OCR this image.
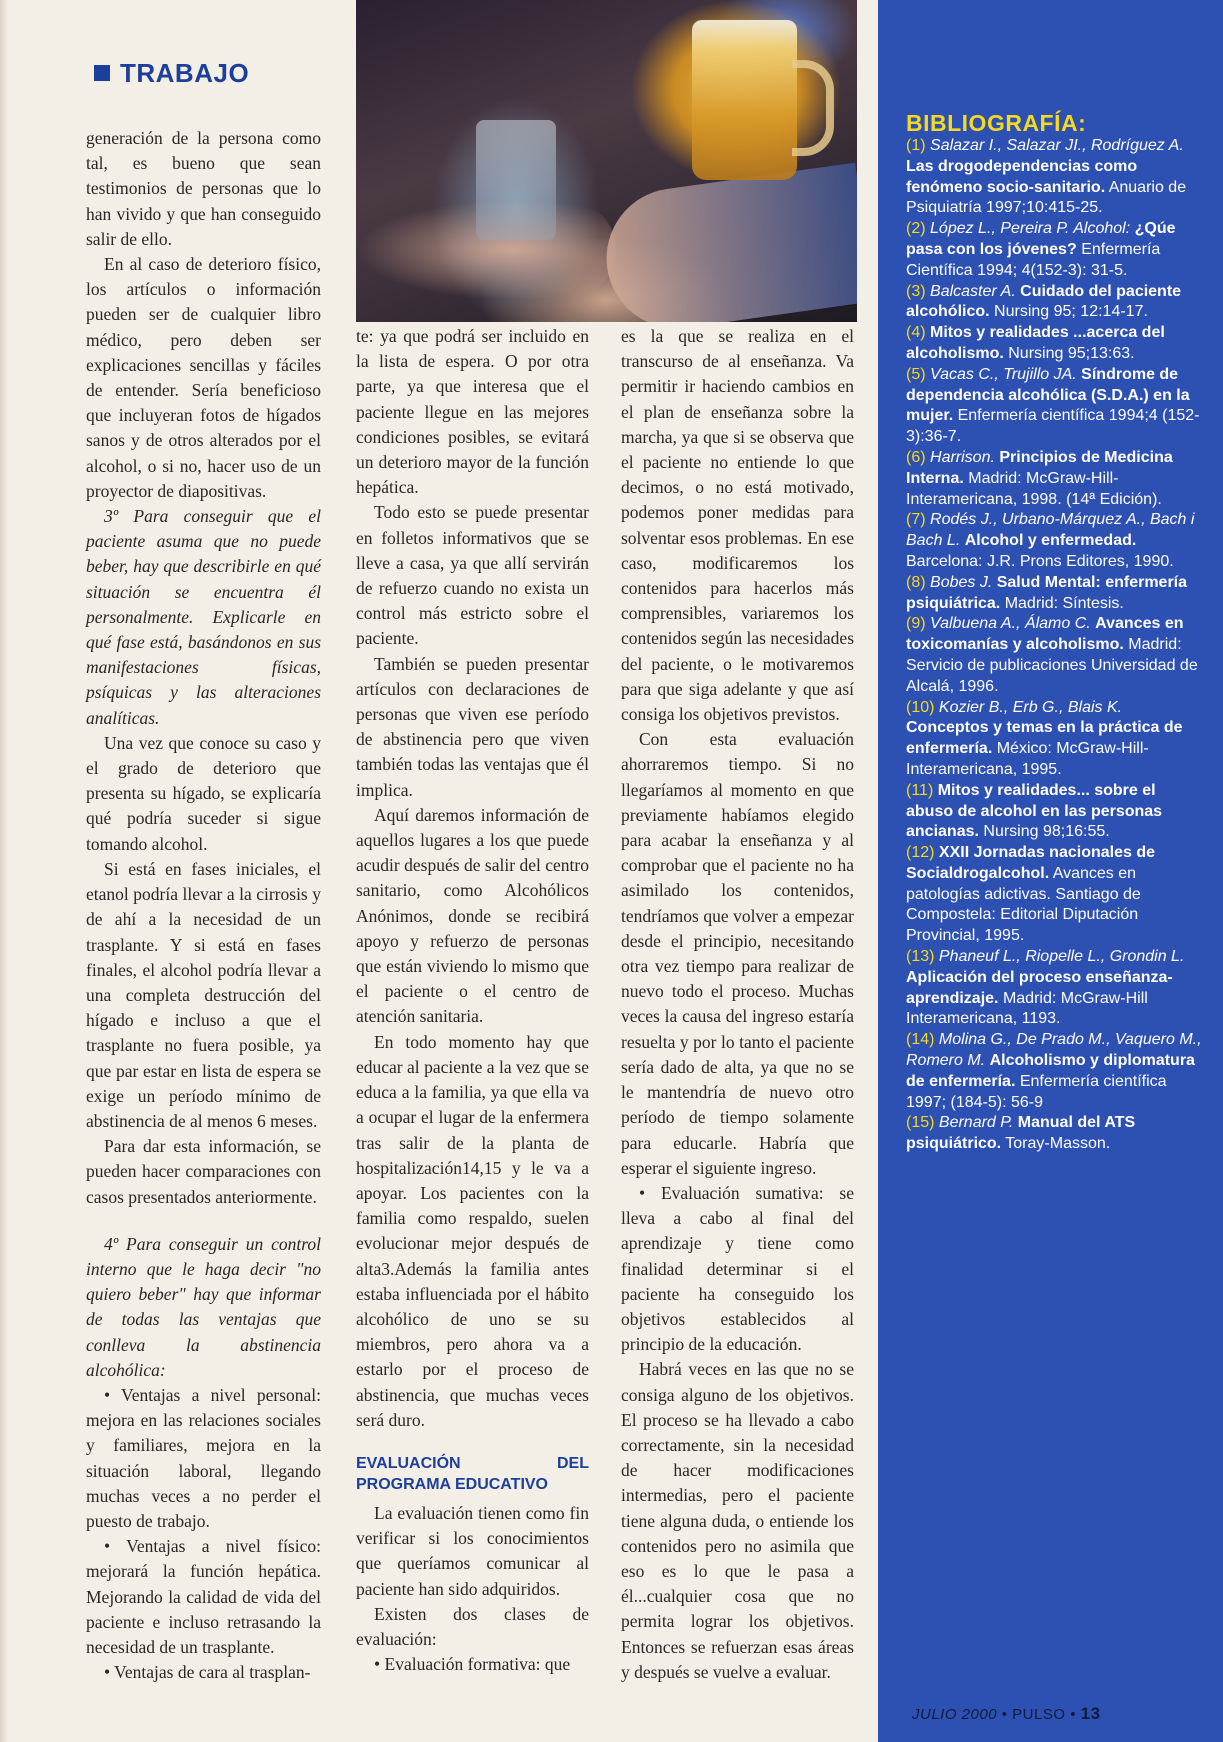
TRABAJO

generación de la persona como tal, es bueno que sean testimonios de personas que lo han vivido y que han conseguido salir de ello.

En al caso de deterioro físico, los artículos o información pueden ser de cualquier libro médico, pero deben ser explicaciones sencillas y fáciles de entender. Sería beneficioso que incluyeran fotos de hígados sanos y de otros alterados por el alcohol, o si no, hacer uso de un proyector de diapositivas.

3º Para conseguir que el paciente asuma que no puede beber, hay que describirle en qué situación se encuentra él personalmente. Explicarle en qué fase está, basándonos en sus manifestaciones físicas, psíquicas y las alteraciones analíticas.

Una vez que conoce su caso y el grado de deterioro que presenta su hígado, se explicaría qué podría suceder si sigue tomando alcohol.

Si está en fases iniciales, el etanol podría llevar a la cirrosis y de ahí a la necesidad de un trasplante. Y si está en fases finales, el alcohol podría llevar a una completa destrucción del hígado e incluso a que el trasplante no fuera posible, ya que par estar en lista de espera se exige un período mínimo de abstinencia de al menos 6 meses.

Para dar esta información, se pueden hacer comparaciones con casos presentados anteriormente.

4º Para conseguir un control interno que le haga decir "no quiero beber" hay que informar de todas las ventajas que conlleva la abstinencia alcohólica:

• Ventajas a nivel personal: mejora en las relaciones sociales y familiares, mejora en la situación laboral, llegando muchas veces a no perder el puesto de trabajo.

• Ventajas a nivel físico: mejorará la función hepática. Mejorando la calidad de vida del paciente e incluso retrasando la necesidad de un trasplante.

• Ventajas de cara al trasplan-

te: ya que podrá ser incluido en la lista de espera. O por otra parte, ya que interesa que el paciente llegue en las mejores condiciones posibles, se evitará un deterioro mayor de la función hepática.

Todo esto se puede presentar en folletos informativos que se lleve a casa, ya que allí servirán de refuerzo cuando no exista un control más estricto sobre el paciente.

También se pueden presentar artículos con declaraciones de personas que viven ese período de abstinencia pero que viven también todas las ventajas que él implica.

Aquí daremos información de aquellos lugares a los que puede acudir después de salir del centro sanitario, como Alcohólicos Anónimos, donde se recibirá apoyo y refuerzo de personas que están viviendo lo mismo que el paciente o el centro de atención sanitaria.

En todo momento hay que educar al paciente a la vez que se educa a la familia, ya que ella va a ocupar el lugar de la enfermera tras salir de la planta de hospitalización14,15 y le va a apoyar. Los pacientes con la familia como respaldo, suelen evolucionar mejor después de alta3.Además la familia antes estaba influenciada por el hábito alcohólico de uno se su miembros, pero ahora va a estarlo por el proceso de abstinencia, que muchas veces será duro.

EVALUACIÓN DEL PROGRAMA EDUCATIVO

La evaluación tienen como fin verificar si los conocimientos que queríamos comunicar al paciente han sido adquiridos.

Existen dos clases de evaluación:

• Evaluación formativa: que

es la que se realiza en el transcurso de al enseñanza. Va permitir ir haciendo cambios en el plan de enseñanza sobre la marcha, ya que si se observa que el paciente no entiende lo que decimos, o no está motivado, podemos poner medidas para solventar esos problemas. En ese caso, modificaremos los contenidos para hacerlos más comprensibles, variaremos los contenidos según las necesidades del paciente, o le motivaremos para que siga adelante y que así consiga los objetivos previstos.

Con esta evaluación ahorraremos tiempo. Si no llegaríamos al momento en que previamente habíamos elegido para acabar la enseñanza y al comprobar que el paciente no ha asimilado los contenidos, tendríamos que volver a empezar desde el principio, necesitando otra vez tiempo para realizar de nuevo todo el proceso. Muchas veces la causa del ingreso estaría resuelta y por lo tanto el paciente sería dado de alta, ya que no se le mantendría de nuevo otro período de tiempo solamente para educarle. Habría que esperar el siguiente ingreso.

• Evaluación sumativa: se lleva a cabo al final del aprendizaje y tiene como finalidad determinar si el paciente ha conseguido los objetivos establecidos al principio de la educación.

Habrá veces en las que no se consiga alguno de los objetivos. El proceso se ha llevado a cabo correctamente, sin la necesidad de hacer modificaciones intermedias, pero el paciente tiene alguna duda, o entiende los contenidos pero no asimila que eso es lo que le pasa a él...cualquier cosa que no permita lograr los objetivos. Entonces se refuerzan esas áreas y después se vuelve a evaluar.

BIBLIOGRAFÍA:
(1) Salazar I., Salazar JI., Rodríguez A. Las drogodependencias como fenómeno socio-sanitario. Anuario de Psiquiatría 1997;10:415-25.
(2) López L., Pereira P. Alcohol: ¿Qúe pasa con los jóvenes? Enfermería Científica 1994; 4(152-3): 31-5.
(3) Balcaster A. Cuidado del paciente alcohólico. Nursing 95; 12:14-17.
(4) Mitos y realidades ...acerca del alcoholismo. Nursing 95;13:63.
(5) Vacas C., Trujillo JA. Síndrome de dependencia alcohólica (S.D.A.) en la mujer. Enfermería científica 1994;4 (152-3):36-7.
(6) Harrison. Principios de Medicina Interna. Madrid: McGraw-Hill-Interamericana, 1998. (14ª Edición).
(7) Rodés J., Urbano-Márquez A., Bach i Bach L. Alcohol y enfermedad. Barcelona: J.R. Prons Editores, 1990.
(8) Bobes J. Salud Mental: enfermería psiquiátrica. Madrid: Síntesis.
(9) Valbuena A., Álamo C. Avances en toxicomanías y alcoholismo. Madrid: Servicio de publicaciones Universidad de Alcalá, 1996.
(10) Kozier B., Erb G., Blais K. Conceptos y temas en la práctica de enfermería. México: McGraw-Hill-Interamericana, 1995.
(11) Mitos y realidades... sobre el abuso de alcohol en las personas ancianas. Nursing 98;16:55.
(12) XXII Jornadas nacionales de Socialdrogalcohol. Avances en patologías adictivas. Santiago de Compostela: Editorial Diputación Provincial, 1995.
(13) Phaneuf L., Riopelle L., Grondin L. Aplicación del proceso enseñanza-aprendizaje. Madrid: McGraw-Hill Interamericana, 1193.
(14) Molina G., De Prado M., Vaquero M., Romero M. Alcoholismo y diplomatura de enfermería. Enfermería científica 1997; (184-5): 56-9
(15) Bernard P. Manual del ATS psiquiátrico. Toray-Masson.
JULIO 2000 • PULSO • 13
